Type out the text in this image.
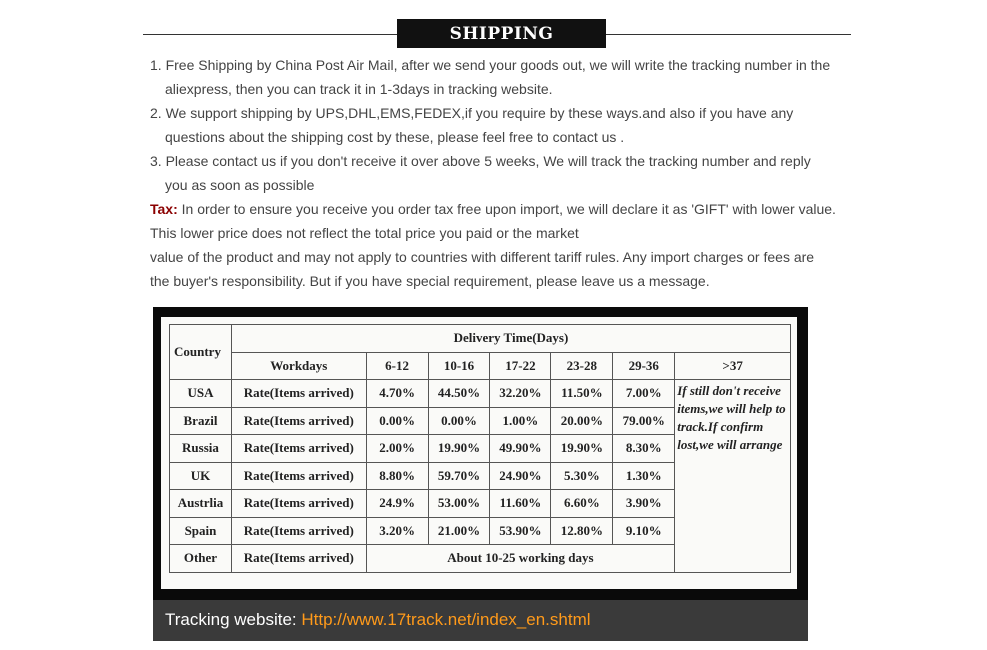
SHIPPING
1. Free Shipping by China Post Air Mail, after we send your goods out, we will write the tracking number in the
aliexpress, then you can track it in 1-3days in tracking website.
2. We support shipping by UPS,DHL,EMS,FEDEX,if you require by these ways.and also if you have any
questions about the shipping cost by these, please feel free to contact us .
3. Please contact us if you don't receive it over above 5 weeks, We will track the tracking number and reply
you as soon as possible
Tax: In order to ensure you receive you order tax free upon import, we will declare it as 'GIFT' with lower value.
This lower price does not reflect the total price you paid or the market
value of the product and may not apply to countries with different tariff rules. Any import charges or fees are
the buyer's responsibility. But if you have special requirement, please leave us a message.
Country	Delivery Time(Days)						
	Workdays	6-12	10-16	17-22	23-28	29-36	>37
USA	Rate(Items arrived)	4.70%	44.50%	32.20%	11.50%	7.00%	If still don't receive items,we will help to track.If confirm lost,we will arrange
Brazil	Rate(Items arrived)	0.00%	0.00%	1.00%	20.00%	79.00%	
Russia	Rate(Items arrived)	2.00%	19.90%	49.90%	19.90%	8.30%	
UK	Rate(Items arrived)	8.80%	59.70%	24.90%	5.30%	1.30%	
Austrlia	Rate(Items arrived)	24.9%	53.00%	11.60%	6.60%	3.90%	
Spain	Rate(Items arrived)	3.20%	21.00%	53.90%	12.80%	9.10%	
Other	Rate(Items arrived)	About 10-25 working days					
Tracking website: Http://www.17track.net/index_en.shtml
